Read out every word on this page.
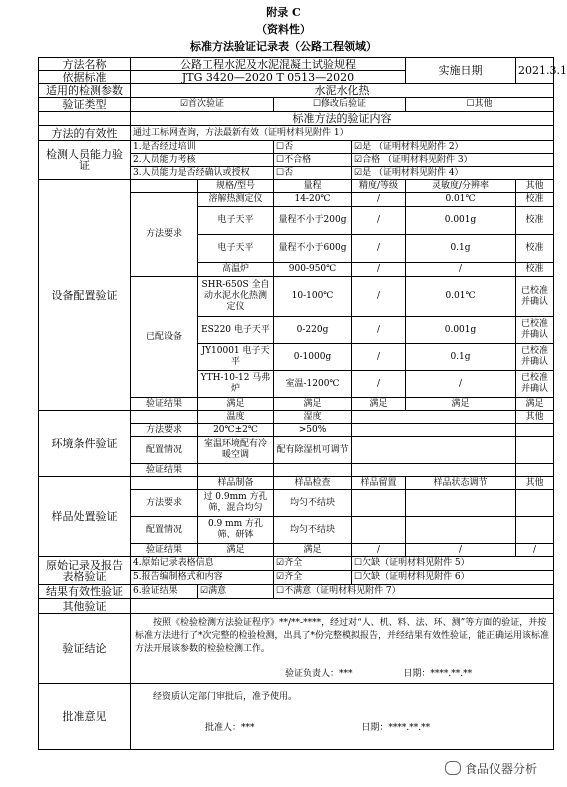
附录 C
（资料性）
标准方法验证记录表（公路工程领域）
方法名称	公路工程水泥及水泥混凝土试验规程				实施日期	2021.3.1
依据标准	JTG 3420—2020 T 0513—2020					
适用的检测参数	水泥水化热					
验证类型	☑首次验证		☐修改后验证		☐其他	
	标准方法的验证内容					
方法的有效性	通过工标网查询，方法最新有效（证明材料见附件 1）					
检测人员能力验证	1.是否经过培训		☐否	☑是 （证明材料见附件 2）		
	2.人员能力考核		☐不合格	☑合格 （证明材料见附件 3）		
	3.人员能力是否经确认或授权		☐否	☑是 （证明材料见附件 4）		
设备配置验证		规格/型号	量程	精度/等级	灵敏度/分辨率	其他
	方法要求	溶解热测定仪	14-20℃	/	0.01℃	校准
		电子天平	量程不小于200g	/	0.001g	校准
		电子天平	量程不小于600g	/	0.1g	校准
		高温炉	900-950℃	/	/	校准
	已配设备	SHR-650S 全自动水泥水化热测定仪	10-100℃	/	0.01℃	已校准并确认
		ES220 电子天平	0-220g	/	0.001g	已校准并确认
		JY10001 电子天平	0-1000g	/	0.1g	已校准并确认
		YTH-10-12 马弗炉	室温-1200℃	/	/	已校准并确认
	验证结果	满足	满足	满足	满足	满足
环境条件验证		温度	湿度			其他
	方法要求	20℃±2℃	>50%			
	配置情况	室温环境配有冷暖空调	配有除湿机可调节			
	验证结果					
样品处置验证		样品制备	样品检查	样品留置	样品状态调节	其他
	方法要求	过 0.9mm 方孔筛，混合均匀	均匀不结块			
	配置情况	0.9 mm 方孔筛、研钵	均匀不结块			
	验证结果	满足	满足	/	/	/
原始记录及报告表格验证	4.原始记录表格信息		☑齐全	☐欠缺（证明材料见附件 5）		
	5.报告编制格式和内容		☑齐全	☐欠缺（证明材料见附件 6）		
结果有效性验证	6.验证结果	☑满意	☐不满意（证明材料见附件 7）			
其他验证						
验证结论	按照《检验检测方法验证程序》**/**-****，经过对“人、机、料、法、环、测”等方面的验证，并按标准方法进行了*次完整的检验检测，出具了*份完整模拟报告，并经结果有效性验证，能正确运用该标准方法开展该参数的检验检测工作。
验证负责人：*** 日期：****.**.**					

批准意见	经资质认定部门审批后，准予使用。
批准人：*** 日期：****.**.**					
食品仪器分析
